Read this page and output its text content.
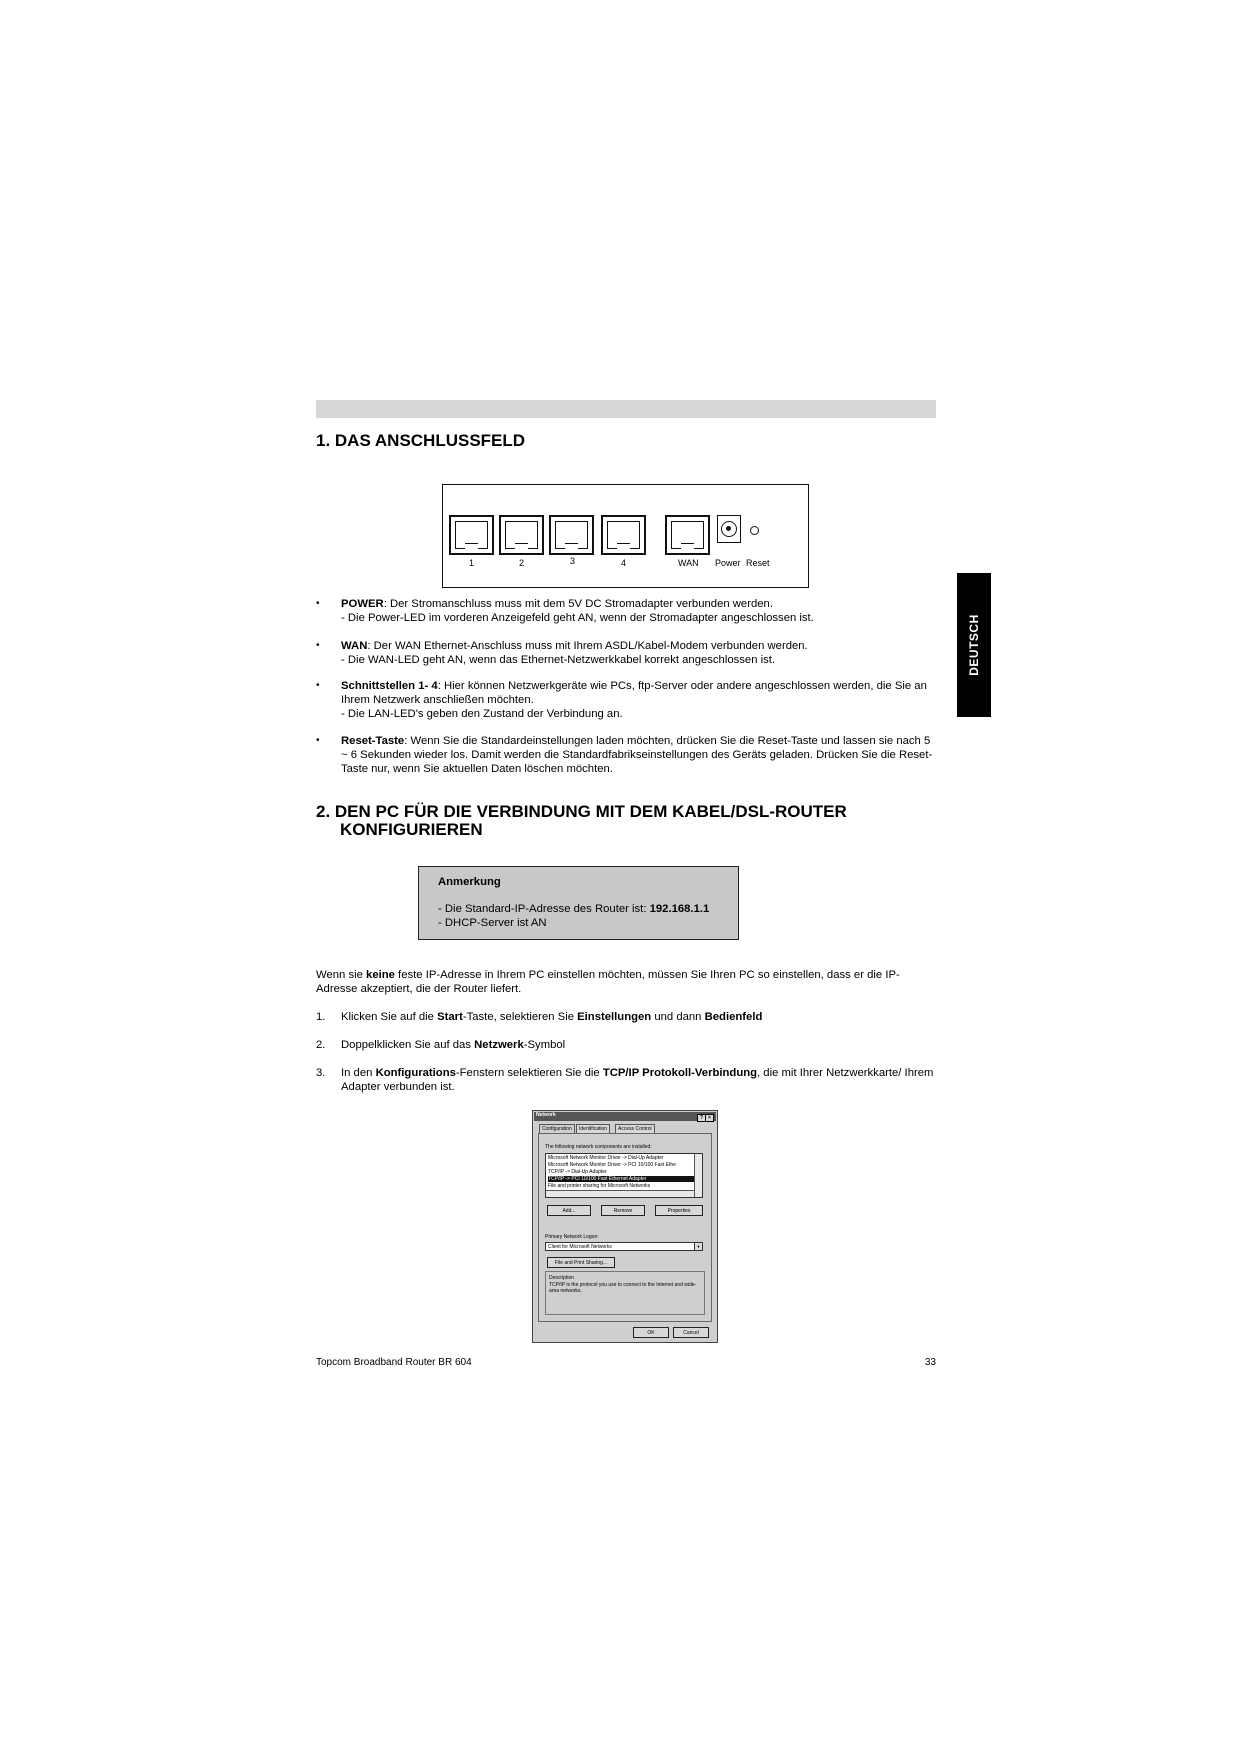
1. DAS ANSCHLUSSFELD
DEUTSCH
1	2	3	4	WAN Power Reset
• POWER: Der Stromanschluss muss mit dem 5V DC Stromadapter verbunden werden.

- Die Power-LED im vorderen Anzeigefeld geht AN, wenn der Stromadapter angeschlossen ist.

• WAN: Der WAN Ethernet-Anschluss muss mit Ihrem ASDL/Kabel-Modem verbunden werden.

- Die WAN-LED geht AN, wenn das Ethernet-Netzwerkkabel korrekt angeschlossen ist.

• Schnittstellen 1- 4: Hier können Netzwerkgeräte wie PCs, ftp-Server oder andere angeschlossen werden, die Sie an Ihrem Netzwerk anschließen möchten.

- Die LAN-LED's geben den Zustand der Verbindung an.

• Reset-Taste: Wenn Sie die Standardeinstellungen laden möchten, drücken Sie die Reset-Taste und lassen sie nach 5 ~ 6 Sekunden wieder los. Damit werden die Standardfabrikseinstellungen des Geräts geladen. Drücken Sie die Reset-Taste nur, wenn Sie aktuellen Daten löschen möchten.

2. DEN PC FÜR DIE VERBINDUNG MIT DEM KABEL/DSL-ROUTER
KONFIGURIEREN
Anmerkung
- Die Standard-IP-Adresse des Router ist: 192.168.1.1
- DHCP-Server ist AN

Wenn sie keine feste IP-Adresse in Ihrem PC einstellen möchten, müssen Sie Ihren PC so einstellen, dass er die IP-Adresse akzeptiert, die der Router liefert.

1. Klicken Sie auf die Start-Taste, selektieren Sie Einstellungen und dann Bedienfeld
2. Doppelklicken Sie auf das Netzwerk-Symbol
3. In den Konfigurations-Fenstern selektieren Sie die TCP/IP Protokoll-Verbindung, die mit Ihrer Netzwerkkarte/ Ihrem Adapter verbunden ist.
Network	?	×
Configuration	Identification	Access Control
The following network components are installed:
Microsoft Network Monitor Driver -> Dial-Up Adapter
Microsoft Network Monitor Driver -> PCI 10/100 Fast Ethe
TCP/IP -> Dial-Up Adapter
TCP/IP -> PCI 10/100 Fast Ethernet Adapter
File and printer sharing for Microsoft Networks
Add...	Remove	Properties
Primary Network Logon:
Client for Microsoft Networks	▼
File and Print Sharing...
Description
TCP/IP is the protocol you use to connect to the Internet and wide-area networks.
OK	Cancel
Topcom Broadband Router BR 604	33
